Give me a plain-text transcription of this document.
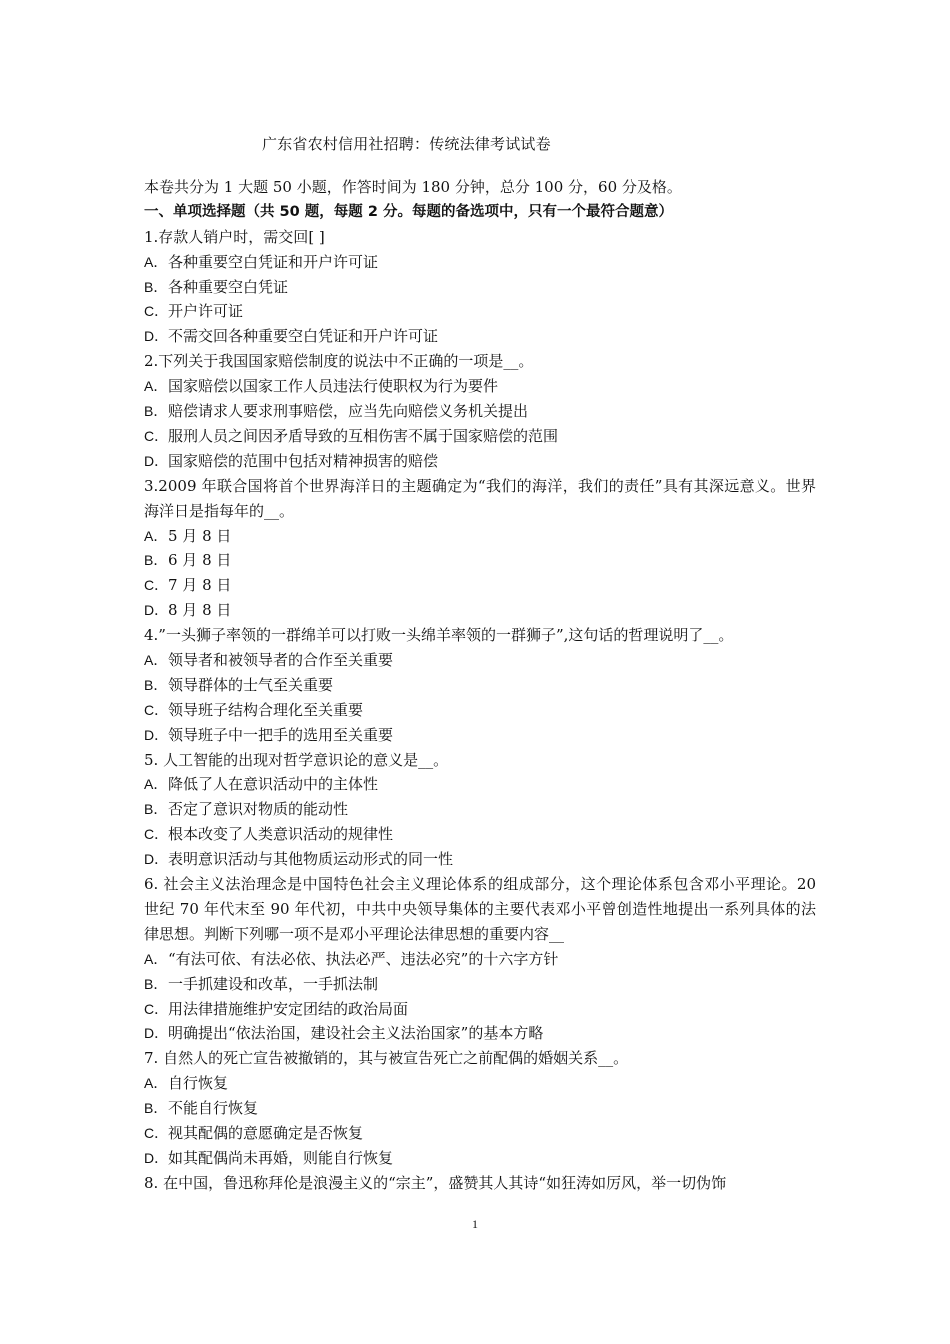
广东省农村信用社招聘：传统法律考试试卷
本卷共分为 1 大题 50 小题，作答时间为 180 分钟，总分 100 分，60 分及格。
一、单项选择题（共 50 题，每题 2 分。每题的备选项中，只有一个最符合题意）
1.存款人销户时，需交回[ ]
A．各种重要空白凭证和开户许可证
B．各种重要空白凭证
C．开户许可证
D．不需交回各种重要空白凭证和开户许可证
2.下列关于我国国家赔偿制度的说法中不正确的一项是__。
A．国家赔偿以国家工作人员违法行使职权为行为要件
B．赔偿请求人要求刑事赔偿，应当先向赔偿义务机关提出
C．服刑人员之间因矛盾导致的互相伤害不属于国家赔偿的范围
D．国家赔偿的范围中包括对精神损害的赔偿
3.2009 年联合国将首个世界海洋日的主题确定为“我们的海洋，我们的责任”具有其深远意义。世界海洋日是指每年的__。
A．5 月 8 日
B．6 月 8 日
C．7 月 8 日
D．8 月 8 日
4.”一头狮子率领的一群绵羊可以打败一头绵羊率领的一群狮子”,这句话的哲理说明了__。
A．领导者和被领导者的合作至关重要
B．领导群体的士气至关重要
C．领导班子结构合理化至关重要
D．领导班子中一把手的选用至关重要
5. 人工智能的出现对哲学意识论的意义是__。
A．降低了人在意识活动中的主体性
B．否定了意识对物质的能动性
C．根本改变了人类意识活动的规律性
D．表明意识活动与其他物质运动形式的同一性
6. 社会主义法治理念是中国特色社会主义理论体系的组成部分，这个理论体系包含邓小平理论。20 世纪 70 年代末至 90 年代初，中共中央领导集体的主要代表邓小平曾创造性地提出一系列具体的法律思想。判断下列哪一项不是邓小平理论法律思想的重要内容__
A．“有法可依、有法必依、执法必严、违法必究”的十六字方针
B．一手抓建设和改革，一手抓法制
C．用法律措施维护安定团结的政治局面
D．明确提出“依法治国，建设社会主义法治国家”的基本方略
7. 自然人的死亡宣告被撤销的，其与被宣告死亡之前配偶的婚姻关系__。
A．自行恢复
B．不能自行恢复
C．视其配偶的意愿确定是否恢复
D．如其配偶尚未再婚，则能自行恢复
8. 在中国，鲁迅称拜伦是浪漫主义的“宗主”，盛赞其人其诗“如狂涛如厉风，举一切伪饰
1
